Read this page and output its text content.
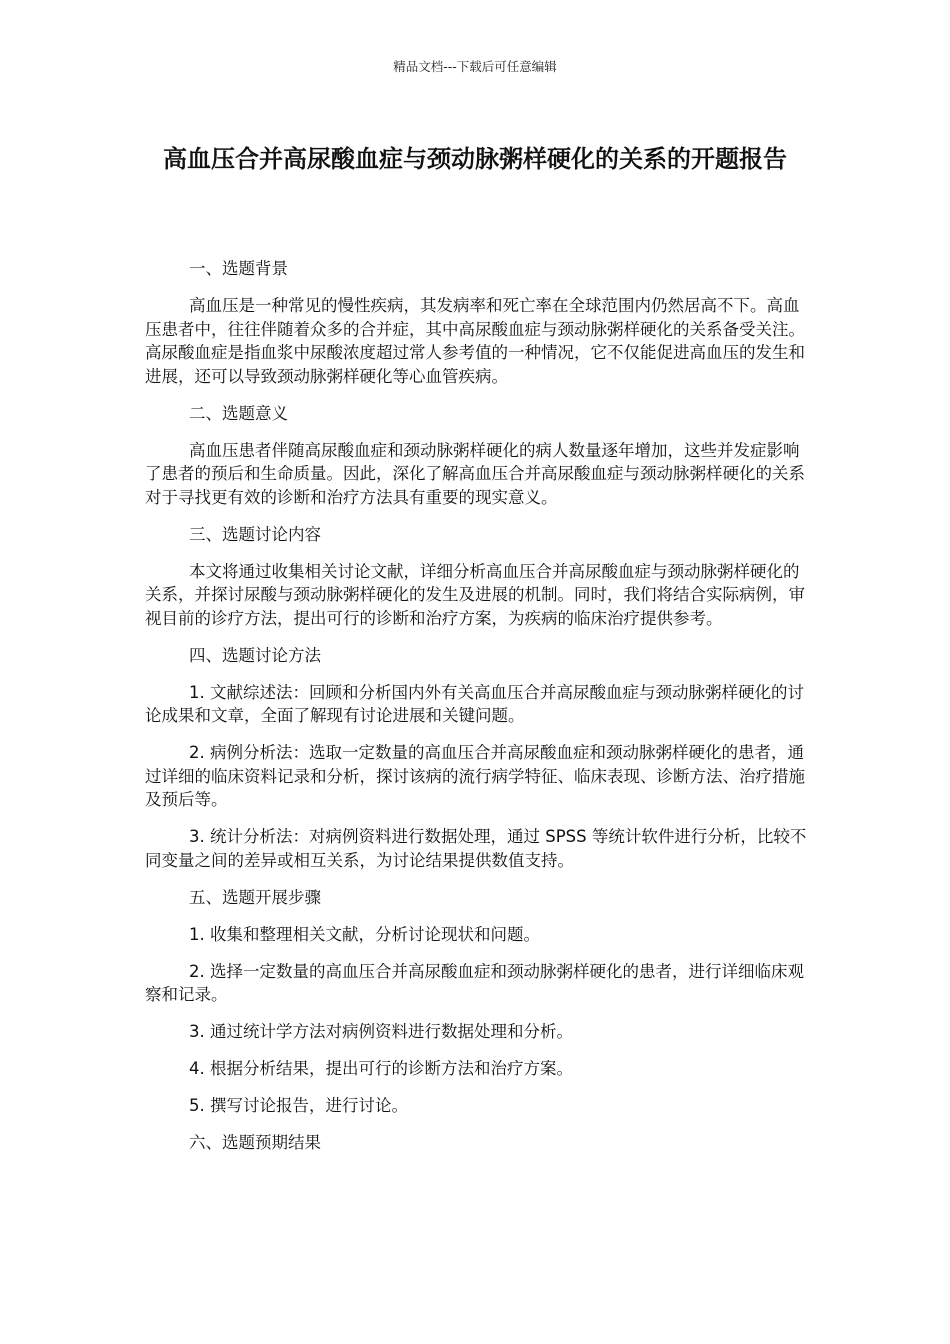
精品文档---下载后可任意编辑
高血压合并高尿酸血症与颈动脉粥样硬化的关系的开题报告

一、选题背景

高血压是一种常见的慢性疾病，其发病率和死亡率在全球范围内仍然居高不下。高血压患者中，往往伴随着众多的合并症，其中高尿酸血症与颈动脉粥样硬化的关系备受关注。高尿酸血症是指血浆中尿酸浓度超过常人参考值的一种情况，它不仅能促进高血压的发生和进展，还可以导致颈动脉粥样硬化等心血管疾病。

二、选题意义

高血压患者伴随高尿酸血症和颈动脉粥样硬化的病人数量逐年增加，这些并发症影响了患者的预后和生命质量。因此，深化了解高血压合并高尿酸血症与颈动脉粥样硬化的关系对于寻找更有效的诊断和治疗方法具有重要的现实意义。

三、选题讨论内容

本文将通过收集相关讨论文献，详细分析高血压合并高尿酸血症与颈动脉粥样硬化的关系，并探讨尿酸与颈动脉粥样硬化的发生及进展的机制。同时，我们将结合实际病例，审视目前的诊疗方法，提出可行的诊断和治疗方案，为疾病的临床治疗提供参考。

四、选题讨论方法

1. 文献综述法：回顾和分析国内外有关高血压合并高尿酸血症与颈动脉粥样硬化的讨论成果和文章，全面了解现有讨论进展和关键问题。

2. 病例分析法：选取一定数量的高血压合并高尿酸血症和颈动脉粥样硬化的患者，通过详细的临床资料记录和分析，探讨该病的流行病学特征、临床表现、诊断方法、治疗措施及预后等。

3. 统计分析法：对病例资料进行数据处理，通过 SPSS 等统计软件进行分析，比较不同变量之间的差异或相互关系，为讨论结果提供数值支持。

五、选题开展步骤

1. 收集和整理相关文献，分析讨论现状和问题。

2. 选择一定数量的高血压合并高尿酸血症和颈动脉粥样硬化的患者，进行详细临床观察和记录。

3. 通过统计学方法对病例资料进行数据处理和分析。

4. 根据分析结果，提出可行的诊断方法和治疗方案。

5. 撰写讨论报告，进行讨论。

六、选题预期结果
